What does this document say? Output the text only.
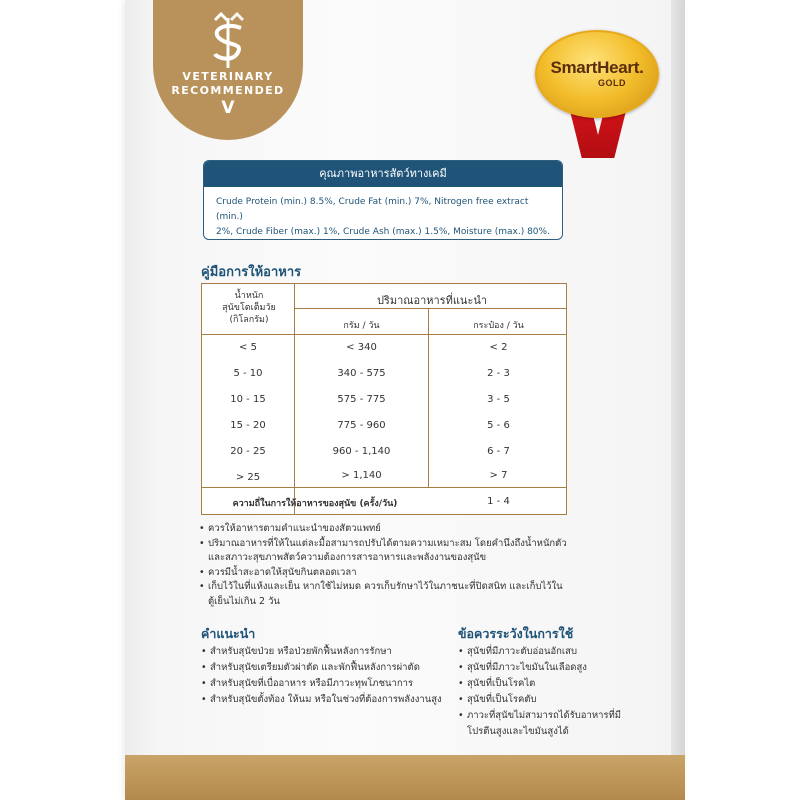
VETERINARY
RECOMMENDED
V
SmartHeart.
GOLD
คุณภาพอาหารสัตว์ทางเคมี
Crude Protein (min.) 8.5%, Crude Fat (min.) 7%, Nitrogen free extract (min.)
2%, Crude Fiber (max.) 1%, Crude Ash (max.) 1.5%, Moisture (max.) 80%.
คู่มือการให้อาหาร
น้ำหนัก
สุนัขโตเต็มวัย
(กิโลกรัม)
ปริมาณอาหารที่แนะนำ
กรัม / วัน	กระป๋อง / วัน
< 5	< 340	< 2
5 - 10	340 - 575	2 - 3
10 - 15	575 - 775	3 - 5
15 - 20	775 - 960	5 - 6
20 - 25	960 - 1,140	6 - 7
> 25	> 1,140	> 7
ความถี่ในการให้อาหารของสุนัข (ครั้ง/วัน)	1 - 4
• ควรให้อาหารตามคำแนะนำของสัตวแพทย์
• ปริมาณอาหารที่ให้ในแต่ละมื้อสามารถปรับได้ตามความเหมาะสม โดยคำนึงถึงน้ำหนักตัว
และสภาวะสุขภาพสัตว์ความต้องการสารอาหารและพลังงานของสุนัข
• ควรมีน้ำสะอาดให้สุนัขกินตลอดเวลา
• เก็บไว้ในที่แห้งและเย็น หากใช้ไม่หมด ควรเก็บรักษาไว้ในภาชนะที่ปิดสนิท และเก็บไว้ใน
ตู้เย็นไม่เกิน 2 วัน
คำแนะนำ
• สำหรับสุนัขป่วย หรือป่วยพักฟื้นหลังการรักษา
• สำหรับสุนัขเตรียมตัวผ่าตัด และพักฟื้นหลังการผ่าตัด
• สำหรับสุนัขที่เบื่ออาหาร หรือมีภาวะทุพโภชนาการ
• สำหรับสุนัขตั้งท้อง ให้นม หรือในช่วงที่ต้องการพลังงานสูง
ข้อควรระวังในการใช้
• สุนัขที่มีภาวะตับอ่อนอักเสบ
• สุนัขที่มีภาวะไขมันในเลือดสูง
• สุนัขที่เป็นโรคไต
• สุนัขที่เป็นโรคตับ
• ภาวะที่สุนัขไม่สามารถได้รับอาหารที่มี
โปรตีนสูงและไขมันสูงได้
